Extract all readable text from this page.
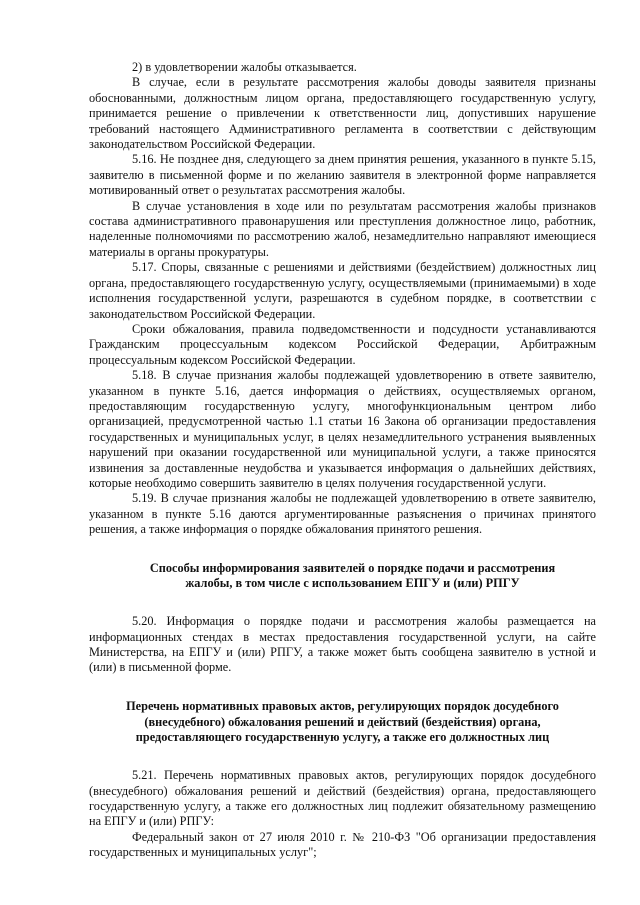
2) в удовлетворении жалобы отказывается.

В случае, если в результате рассмотрения жалобы доводы заявителя признаны обоснованными, должностным лицом органа, предоставляющего государственную услугу, принимается решение о привлечении к ответственности лиц, допустивших нарушение требований настоящего Административного регламента в соответствии с действующим законодательством Российской Федерации.

5.16. Не позднее дня, следующего за днем принятия решения, указанного в пункте 5.15, заявителю в письменной форме и по желанию заявителя в электронной форме направляется мотивированный ответ о результатах рассмотрения жалобы.

В случае установления в ходе или по результатам рассмотрения жалобы признаков состава административного правонарушения или преступления должностное лицо, работник, наделенные полномочиями по рассмотрению жалоб, незамедлительно направляют имеющиеся материалы в органы прокуратуры.

5.17. Споры, связанные с решениями и действиями (бездействием) должностных лиц органа, предоставляющего государственную услугу, осуществляемыми (принимаемыми) в ходе исполнения государственной услуги, разрешаются в судебном порядке, в соответствии с законодательством Российской Федерации.

Сроки обжалования, правила подведомственности и подсудности устанавливаются Гражданским процессуальным кодексом Российской Федерации, Арбитражным процессуальным кодексом Российской Федерации.

5.18. В случае признания жалобы подлежащей удовлетворению в ответе заявителю, указанном в пункте 5.16, дается информация о действиях, осуществляемых органом, предоставляющим государственную услугу, многофункциональным центром либо организацией, предусмотренной частью 1.1 статьи 16 Закона об организации предоставления государственных и муниципальных услуг, в целях незамедлительного устранения выявленных нарушений при оказании государственной или муниципальной услуги, а также приносятся извинения за доставленные неудобства и указывается информация о дальнейших действиях, которые необходимо совершить заявителю в целях получения государственной услуги.

5.19. В случае признания жалобы не подлежащей удовлетворению в ответе заявителю, указанном в пункте 5.16 даются аргументированные разъяснения о причинах принятого решения, а также информация о порядке обжалования принятого решения.

Способы информирования заявителей о порядке подачи и рассмотрения
жалобы, в том числе с использованием ЕПГУ и (или) РПГУ

5.20. Информация о порядке подачи и рассмотрения жалобы размещается на информационных стендах в местах предоставления государственной услуги, на сайте Министерства, на ЕПГУ и (или) РПГУ, а также может быть сообщена заявителю в устной и (или) в письменной форме.

Перечень нормативных правовых актов, регулирующих порядок досудебного
(внесудебного) обжалования решений и действий (бездействия) органа,
предоставляющего государственную услугу, а также его должностных лиц

5.21. Перечень нормативных правовых актов, регулирующих порядок досудебного (внесудебного) обжалования решений и действий (бездействия) органа, предоставляющего государственную услугу, а также его должностных лиц подлежит обязательному размещению на ЕПГУ и (или) РПГУ:

Федеральный закон от 27 июля 2010 г. № 210-ФЗ "Об организации предоставления государственных и муниципальных услуг";
